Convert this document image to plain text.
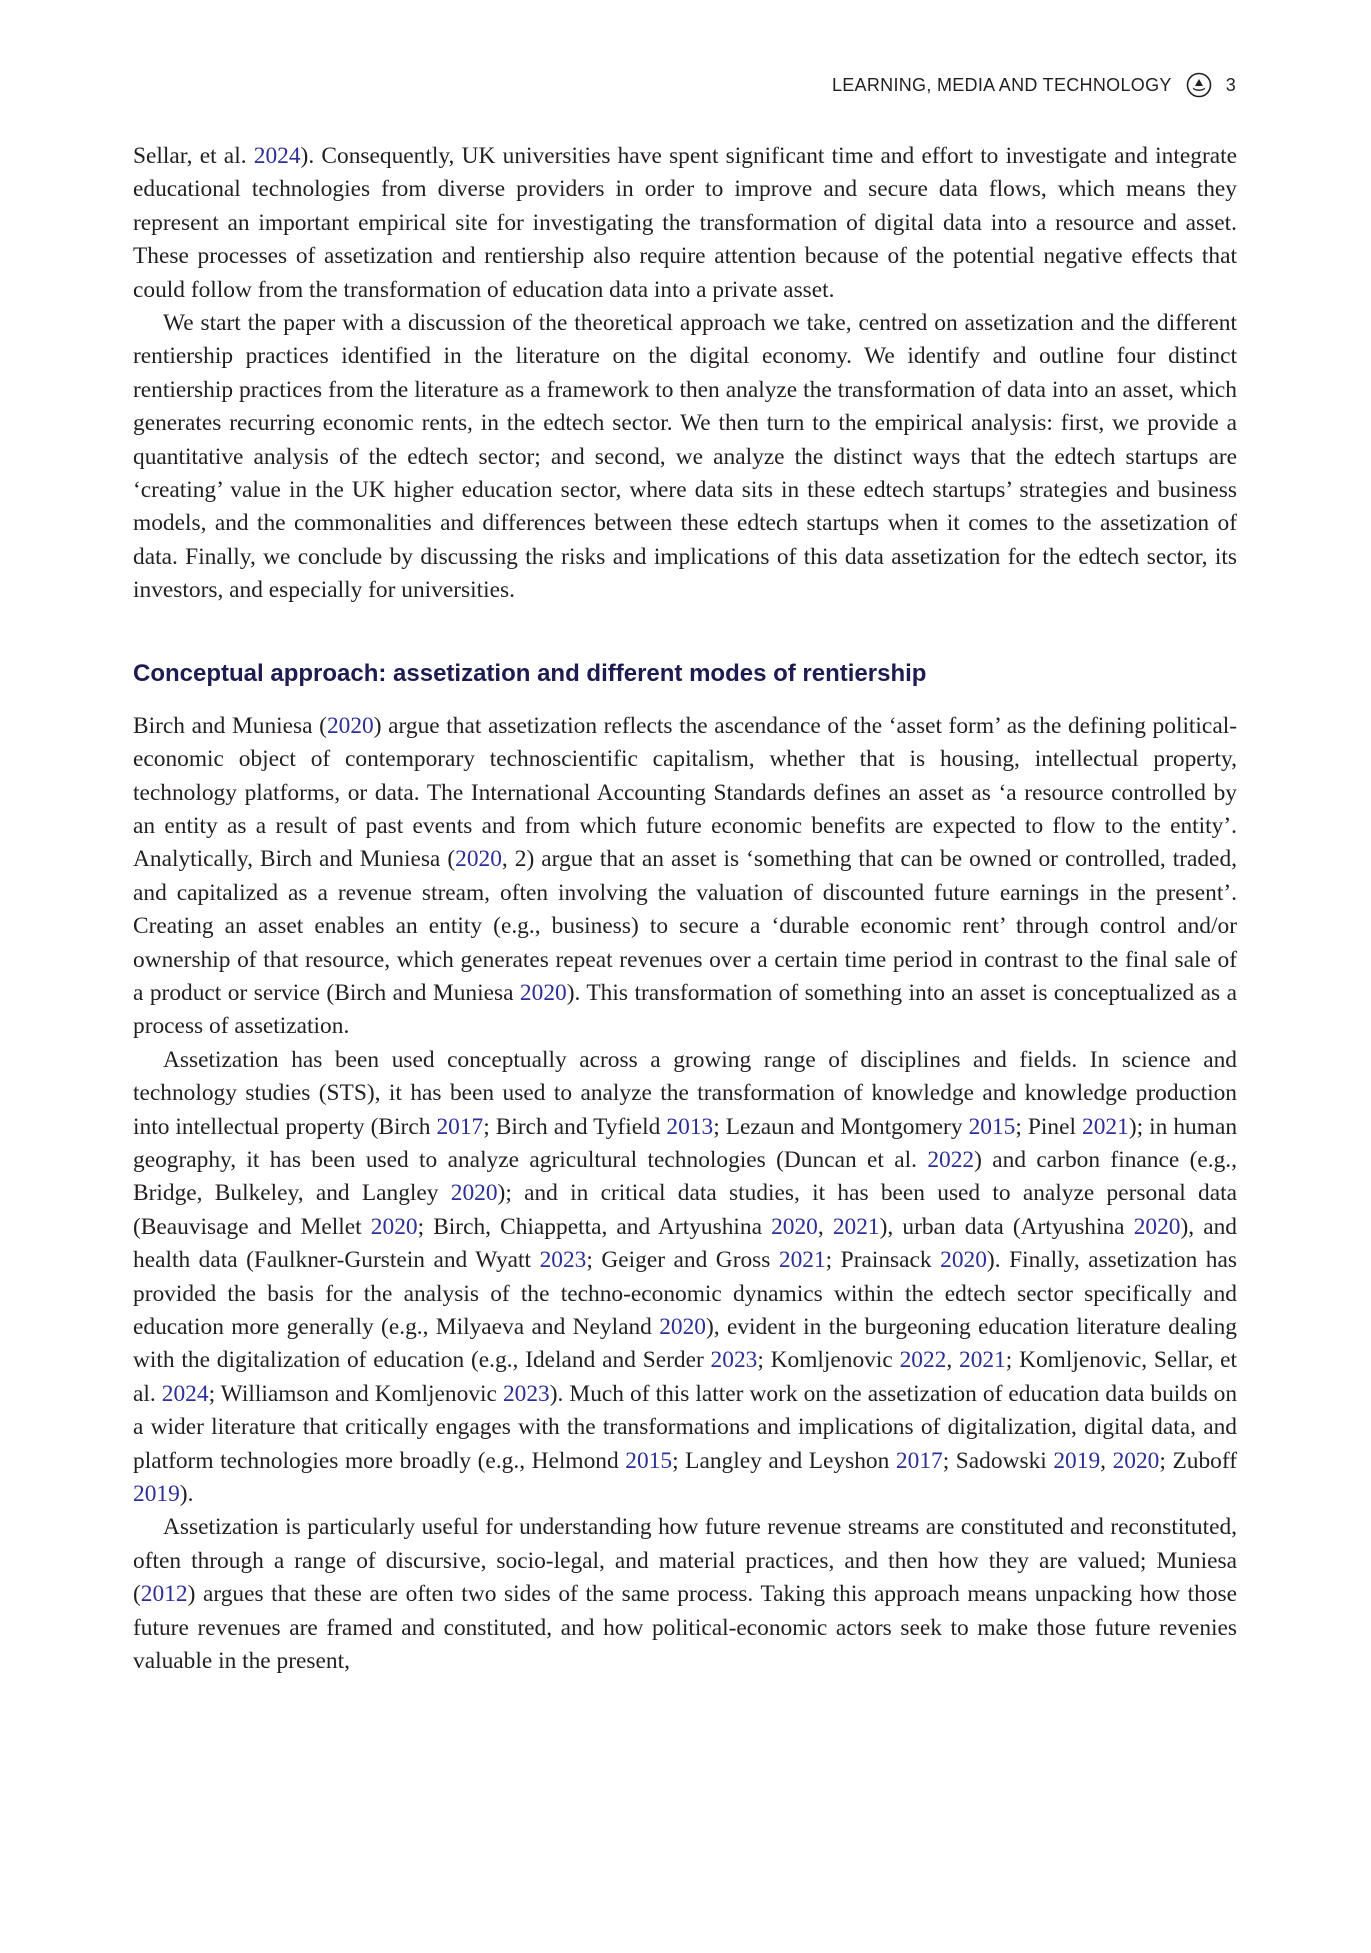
LEARNING, MEDIA AND TECHNOLOGY	3

Sellar, et al. 2024). Consequently, UK universities have spent significant time and effort to investigate and integrate educational technologies from diverse providers in order to improve and secure data flows, which means they represent an important empirical site for investigating the transformation of digital data into a resource and asset. These processes of assetization and rentiership also require attention because of the potential negative effects that could follow from the transformation of education data into a private asset.

We start the paper with a discussion of the theoretical approach we take, centred on assetization and the different rentiership practices identified in the literature on the digital economy. We identify and outline four distinct rentiership practices from the literature as a framework to then analyze the transformation of data into an asset, which generates recurring economic rents, in the edtech sector. We then turn to the empirical analysis: first, we provide a quantitative analysis of the edtech sector; and second, we analyze the distinct ways that the edtech startups are ‘creating’ value in the UK higher education sector, where data sits in these edtech startups’ strategies and business models, and the commonalities and differences between these edtech startups when it comes to the assetization of data. Finally, we conclude by discussing the risks and implications of this data assetization for the edtech sector, its investors, and especially for universities.

Conceptual approach: assetization and different modes of rentiership

Birch and Muniesa (2020) argue that assetization reflects the ascendance of the ‘asset form’ as the defining political-economic object of contemporary technoscientific capitalism, whether that is housing, intellectual property, technology platforms, or data. The International Accounting Standards defines an asset as ‘a resource controlled by an entity as a result of past events and from which future economic benefits are expected to flow to the entity’. Analytically, Birch and Muniesa (2020, 2) argue that an asset is ‘something that can be owned or controlled, traded, and capitalized as a revenue stream, often involving the valuation of discounted future earnings in the present’. Creating an asset enables an entity (e.g., business) to secure a ‘durable economic rent’ through control and/or ownership of that resource, which generates repeat revenues over a certain time period in contrast to the final sale of a product or service (Birch and Muniesa 2020). This transformation of something into an asset is conceptualized as a process of assetization.

Assetization has been used conceptually across a growing range of disciplines and fields. In science and technology studies (STS), it has been used to analyze the transformation of knowledge and knowledge production into intellectual property (Birch 2017; Birch and Tyfield 2013; Lezaun and Montgomery 2015; Pinel 2021); in human geography, it has been used to analyze agricultural technologies (Duncan et al. 2022) and carbon finance (e.g., Bridge, Bulkeley, and Langley 2020); and in critical data studies, it has been used to analyze personal data (Beauvisage and Mellet 2020; Birch, Chiappetta, and Artyushina 2020, 2021), urban data (Artyushina 2020), and health data (Faulkner-Gurstein and Wyatt 2023; Geiger and Gross 2021; Prainsack 2020). Finally, assetization has provided the basis for the analysis of the techno-economic dynamics within the edtech sector specifically and education more generally (e.g., Milyaeva and Neyland 2020), evident in the burgeoning education literature dealing with the digitalization of education (e.g., Ideland and Serder 2023; Komljenovic 2022, 2021; Komljenovic, Sellar, et al. 2024; Williamson and Komljenovic 2023). Much of this latter work on the assetization of education data builds on a wider literature that critically engages with the transformations and implications of digitalization, digital data, and platform technologies more broadly (e.g., Helmond 2015; Langley and Leyshon 2017; Sadowski 2019, 2020; Zuboff 2019).

Assetization is particularly useful for understanding how future revenue streams are constituted and reconstituted, often through a range of discursive, socio-legal, and material practices, and then how they are valued; Muniesa (2012) argues that these are often two sides of the same process. Taking this approach means unpacking how those future revenues are framed and constituted, and how political-economic actors seek to make those future revenies valuable in the present,
